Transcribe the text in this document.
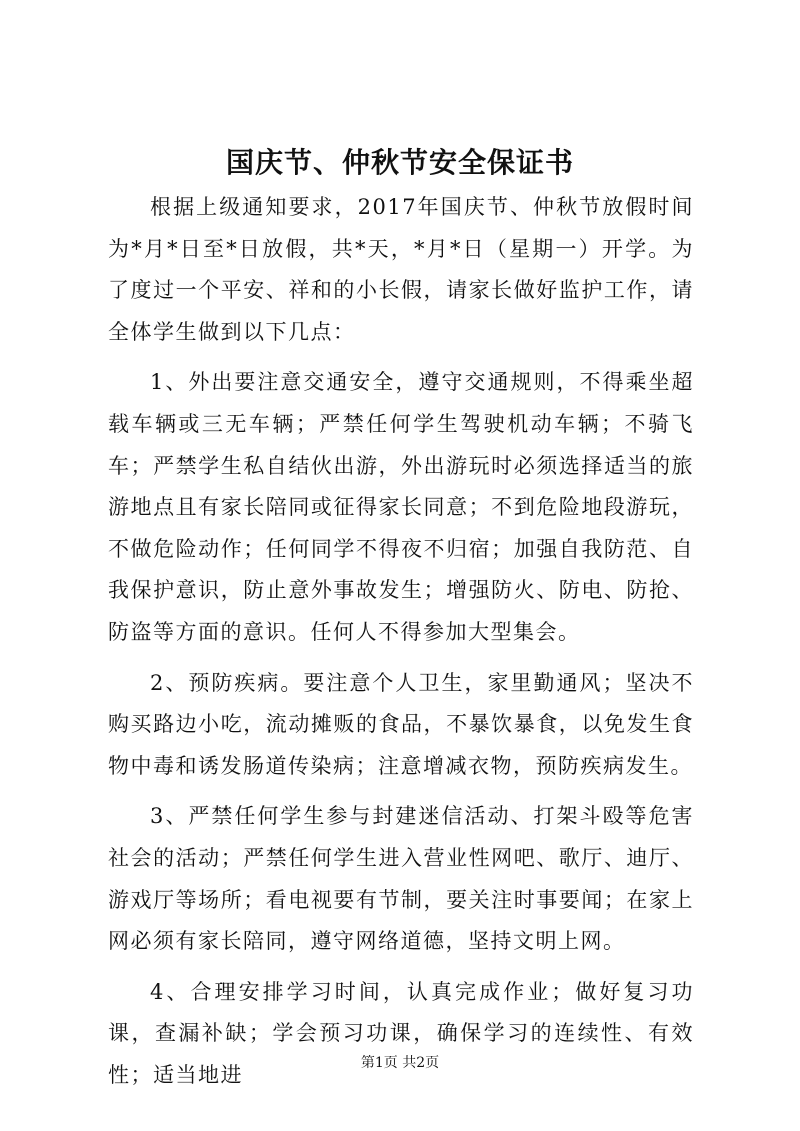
国庆节、仲秋节安全保证书

根据上级通知要求，2017年国庆节、仲秋节放假时间为*月*日至*日放假，共*天，*月*日（星期一）开学。为了度过一个平安、祥和的小长假，请家长做好监护工作，请全体学生做到以下几点：

1、外出要注意交通安全，遵守交通规则，不得乘坐超载车辆或三无车辆；严禁任何学生驾驶机动车辆；不骑飞车；严禁学生私自结伙出游，外出游玩时必须选择适当的旅游地点且有家长陪同或征得家长同意；不到危险地段游玩，不做危险动作；任何同学不得夜不归宿；加强自我防范、自我保护意识，防止意外事故发生；增强防火、防电、防抢、防盗等方面的意识。任何人不得参加大型集会。

2、预防疾病。要注意个人卫生，家里勤通风；坚决不购买路边小吃，流动摊贩的食品，不暴饮暴食，以免发生食物中毒和诱发肠道传染病；注意增减衣物，预防疾病发生。

3、严禁任何学生参与封建迷信活动、打架斗殴等危害社会的活动；严禁任何学生进入营业性网吧、歌厅、迪厅、游戏厅等场所；看电视要有节制，要关注时事要闻；在家上网必须有家长陪同，遵守网络道德，坚持文明上网。

4、合理安排学习时间，认真完成作业；做好复习功课，查漏补缺；学会预习功课，确保学习的连续性、有效性；适当地进	第1页 共2页
